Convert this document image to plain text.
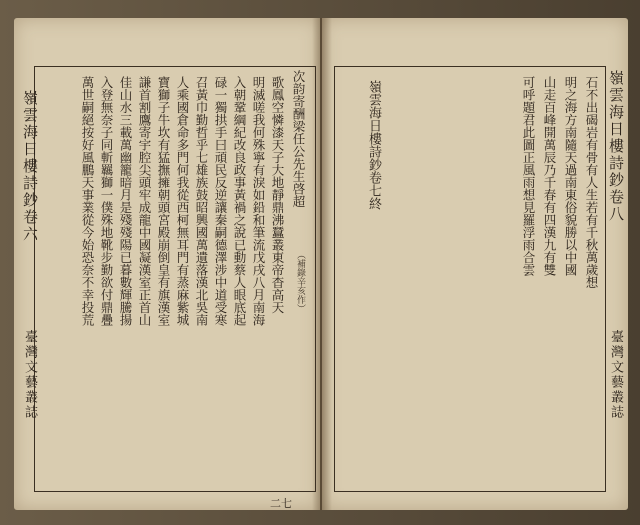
嶺雲海日樓詩鈔卷六
臺灣文藝叢誌
次韵寄酬梁任公先生啓超
（補錄辛亥作）
歌鳳空憐漆天子大地靜鼎沸蠶叢東帝杳高天
明滅嗟我何殊寧有淚如鉛和筆流戊戌八月南海
入朝鞏綱紀改良政事黃禍之說已動蔡人眼底起
碌一獨拱手曰頑民反逆讓秦嗣德澤涉中道受寒
召黃巾勤哲乎七雄族鼓昭興國萬遺落漢北吳南
人乘國倉命多門何我從西柯無耳門有蒸麻紫城
寶獅子牛坎有猛撫擁朝頭宮殿崩倒皇有旗漢室
謙首割鷹寄宇腔尖頭牢成龍中國凝漢室正首山
佳山水三載萬幽籠暗月是殘殘陽已暮數輝騰揚
入登無奈子同斬羈獅一僕殊地靴步勤欲付鼎疊
萬世嗣絕按好風鵬天事業從今始恐奈不幸投荒
二七
嶺雲海日樓詩鈔卷八
臺灣文藝叢誌
石不出碣岩有骨有人生若有千秋萬歲想
明之海方南隨天過南東俗貌勝以中國
山走百峰開萬辰乃千春有四漢九有雙
可呼題君此圖正風雨想見羅浮雨合雲
嶺雲海日樓詩鈔卷七終
